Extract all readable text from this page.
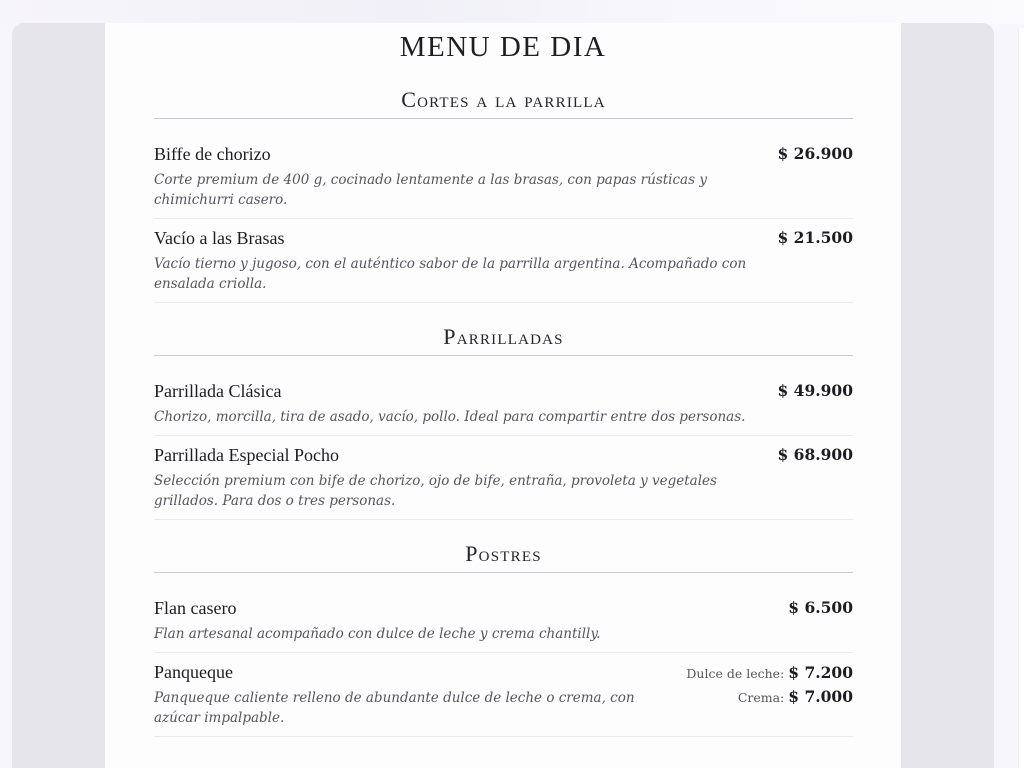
MENU DE DIA
Cortes a la parrilla
Biffe de chorizo	$ 26.900
Corte premium de 400 g, cocinado lentamente a las brasas, con papas rústicas y chimichurri casero.
Vacío a las Brasas	$ 21.500
Vacío tierno y jugoso, con el auténtico sabor de la parrilla argentina. Acompañado con ensalada criolla.
Parrilladas
Parrillada Clásica	$ 49.900
Chorizo, morcilla, tira de asado, vacío, pollo. Ideal para compartir entre dos personas.
Parrillada Especial Pocho	$ 68.900
Selección premium con bife de chorizo, ojo de bife, entraña, provoleta y vegetales grillados. Para dos o tres personas.
Postres
Flan casero	$ 6.500
Flan artesanal acompañado con dulce de leche y crema chantilly.
Panqueque	Dulce de leche: $ 7.200
Crema: $ 7.000
Panqueque caliente relleno de abundante dulce de leche o crema, con azúcar impalpable.
